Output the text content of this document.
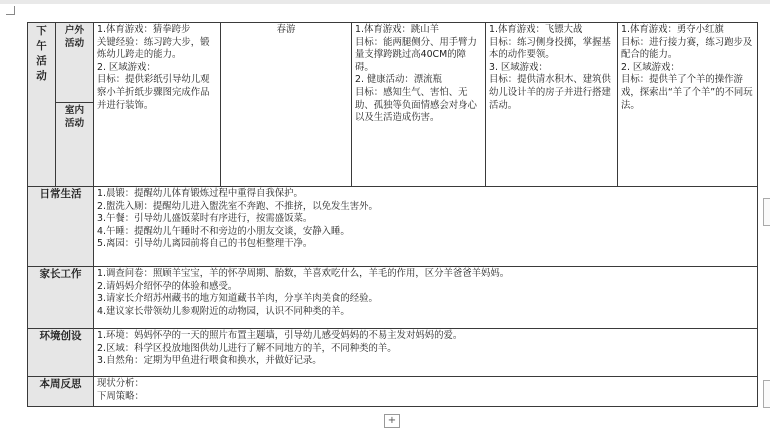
下
午
活
动	户外
活动	1.体育游戏：猜拳跨步
关键经验：练习跨大步，锻炼幼儿跨走的能力。
2. 区域游戏：
目标：提供彩纸引导幼儿观察小羊折纸步骤图完成作品并进行装饰。	春游	1.体育游戏：跳山羊
目标：能两腿侧分、用手臂力量支撑跨跳过高40CM的障碍。
2. 健康活动：漂流瓶
目标：感知生气、害怕、无助、孤独等负面情感会对身心以及生活造成伤害。	1.体育游戏：飞镖大战
目标：练习侧身投掷，掌握基本的动作要领。
3. 区域游戏：
目标：提供清水积木、建筑供幼儿设计羊的房子并进行搭建活动。	1.体育游戏：勇夺小红旗
目标：进行接力赛，练习跑步及配合的能力。
2. 区域游戏：
目标：提供羊了个羊的操作游戏，探索出“羊了个羊”的不同玩法。

	室内
活动					

日常生活		1.晨锻：提醒幼儿体育锻炼过程中重得自我保护。
2.盥洗入厕：提醒幼儿进入盥洗室不奔跑、不推挤，以免发生害外。
3.午餐：引导幼儿盛饭菜时有序进行，按需盛饭菜。
4.午睡：提醒幼儿午睡时不和旁边的小朋友交谈，安静入睡。
5.离园：引导幼儿离园前将自己的书包柜整理干净。				

家长工作		1.调查问卷：照顾羊宝宝，羊的怀孕周期、胎数，羊喜欢吃什么，羊毛的作用，区分羊爸爸羊妈妈。
2.请妈妈介绍怀孕的体验和感受。
3.请家长介绍苏州藏书的地方知道藏书羊肉，分享羊肉美食的经验。
4.建议家长带领幼儿参观附近的动物园，认识不同种类的羊。				

环境创设		1.环境：妈妈怀孕的一天的照片布置主题墙，引导幼儿感受妈妈的不易主发对妈妈的爱。
2.区域：科学区投放地图供幼儿进行了解不同地方的羊，不同种类的羊。
3.自然角：定期为甲鱼进行喂食和换水，并做好记录。				

本周反思		现状分析：
下周策略：				
+
